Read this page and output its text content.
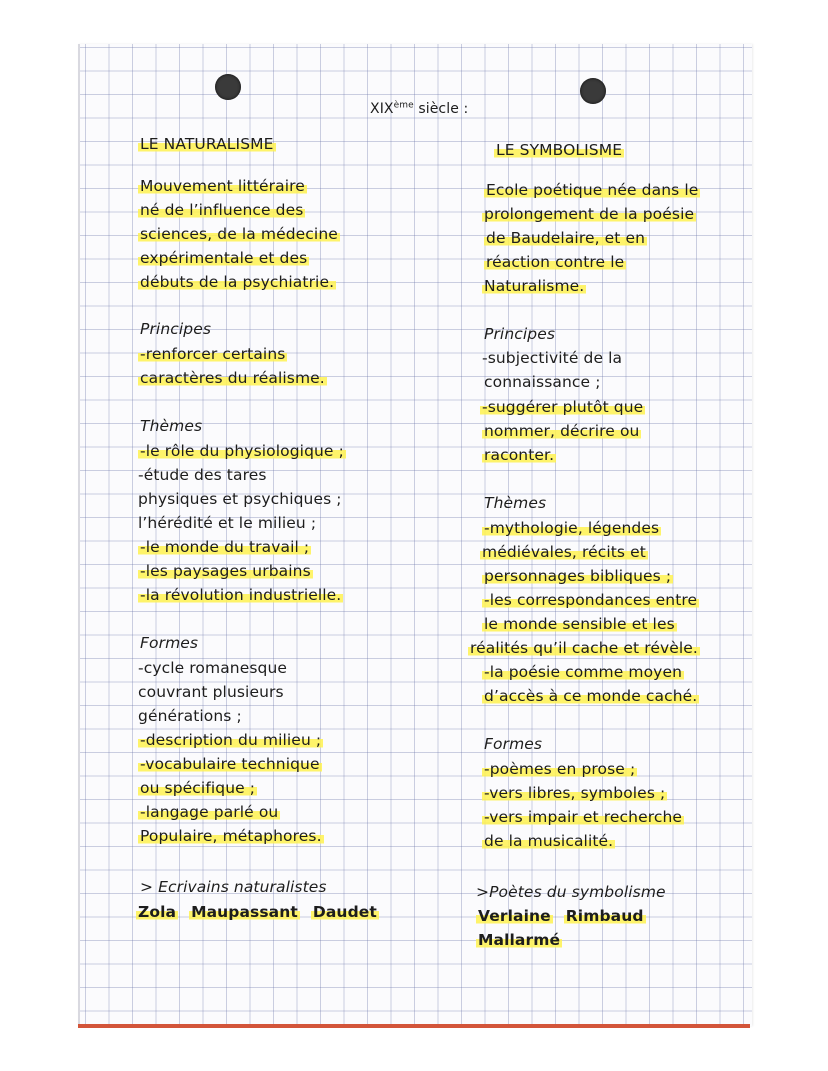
XIXème siècle :
LE NATURALISME
Mouvement littéraire
né de l’influence des
sciences, de la médecine
expérimentale et des
débuts de la psychiatrie.
Principes
-renforcer certains
caractères du réalisme.
Thèmes
-le rôle du physiologique ;
-étude des tares
physiques et psychiques ;
l’hérédité et le milieu ;
-le monde du travail ;
-les paysages urbains
-la révolution industrielle.
Formes
-cycle romanesque
couvrant plusieurs
générations ;
-description du milieu ;
-vocabulaire technique
ou spécifique ;
-langage parlé ou
Populaire, métaphores.
> Ecrivains naturalistes
Zola Maupassant Daudet
LE SYMBOLISME
Ecole poétique née dans le
prolongement de la poésie
de Baudelaire, et en
réaction contre le
Naturalisme.
Principes
-subjectivité de la
connaissance ;
-suggérer plutôt que
nommer, décrire ou
raconter.
Thèmes
-mythologie, légendes
médiévales, récits et
personnages bibliques ;
-les correspondances entre
le monde sensible et les
réalités qu’il cache et révèle.
-la poésie comme moyen
d’accès à ce monde caché.
Formes
-poèmes en prose ;
-vers libres, symboles ;
-vers impair et recherche
de la musicalité.
>Poètes du symbolisme
Verlaine Rimbaud
Mallarmé
